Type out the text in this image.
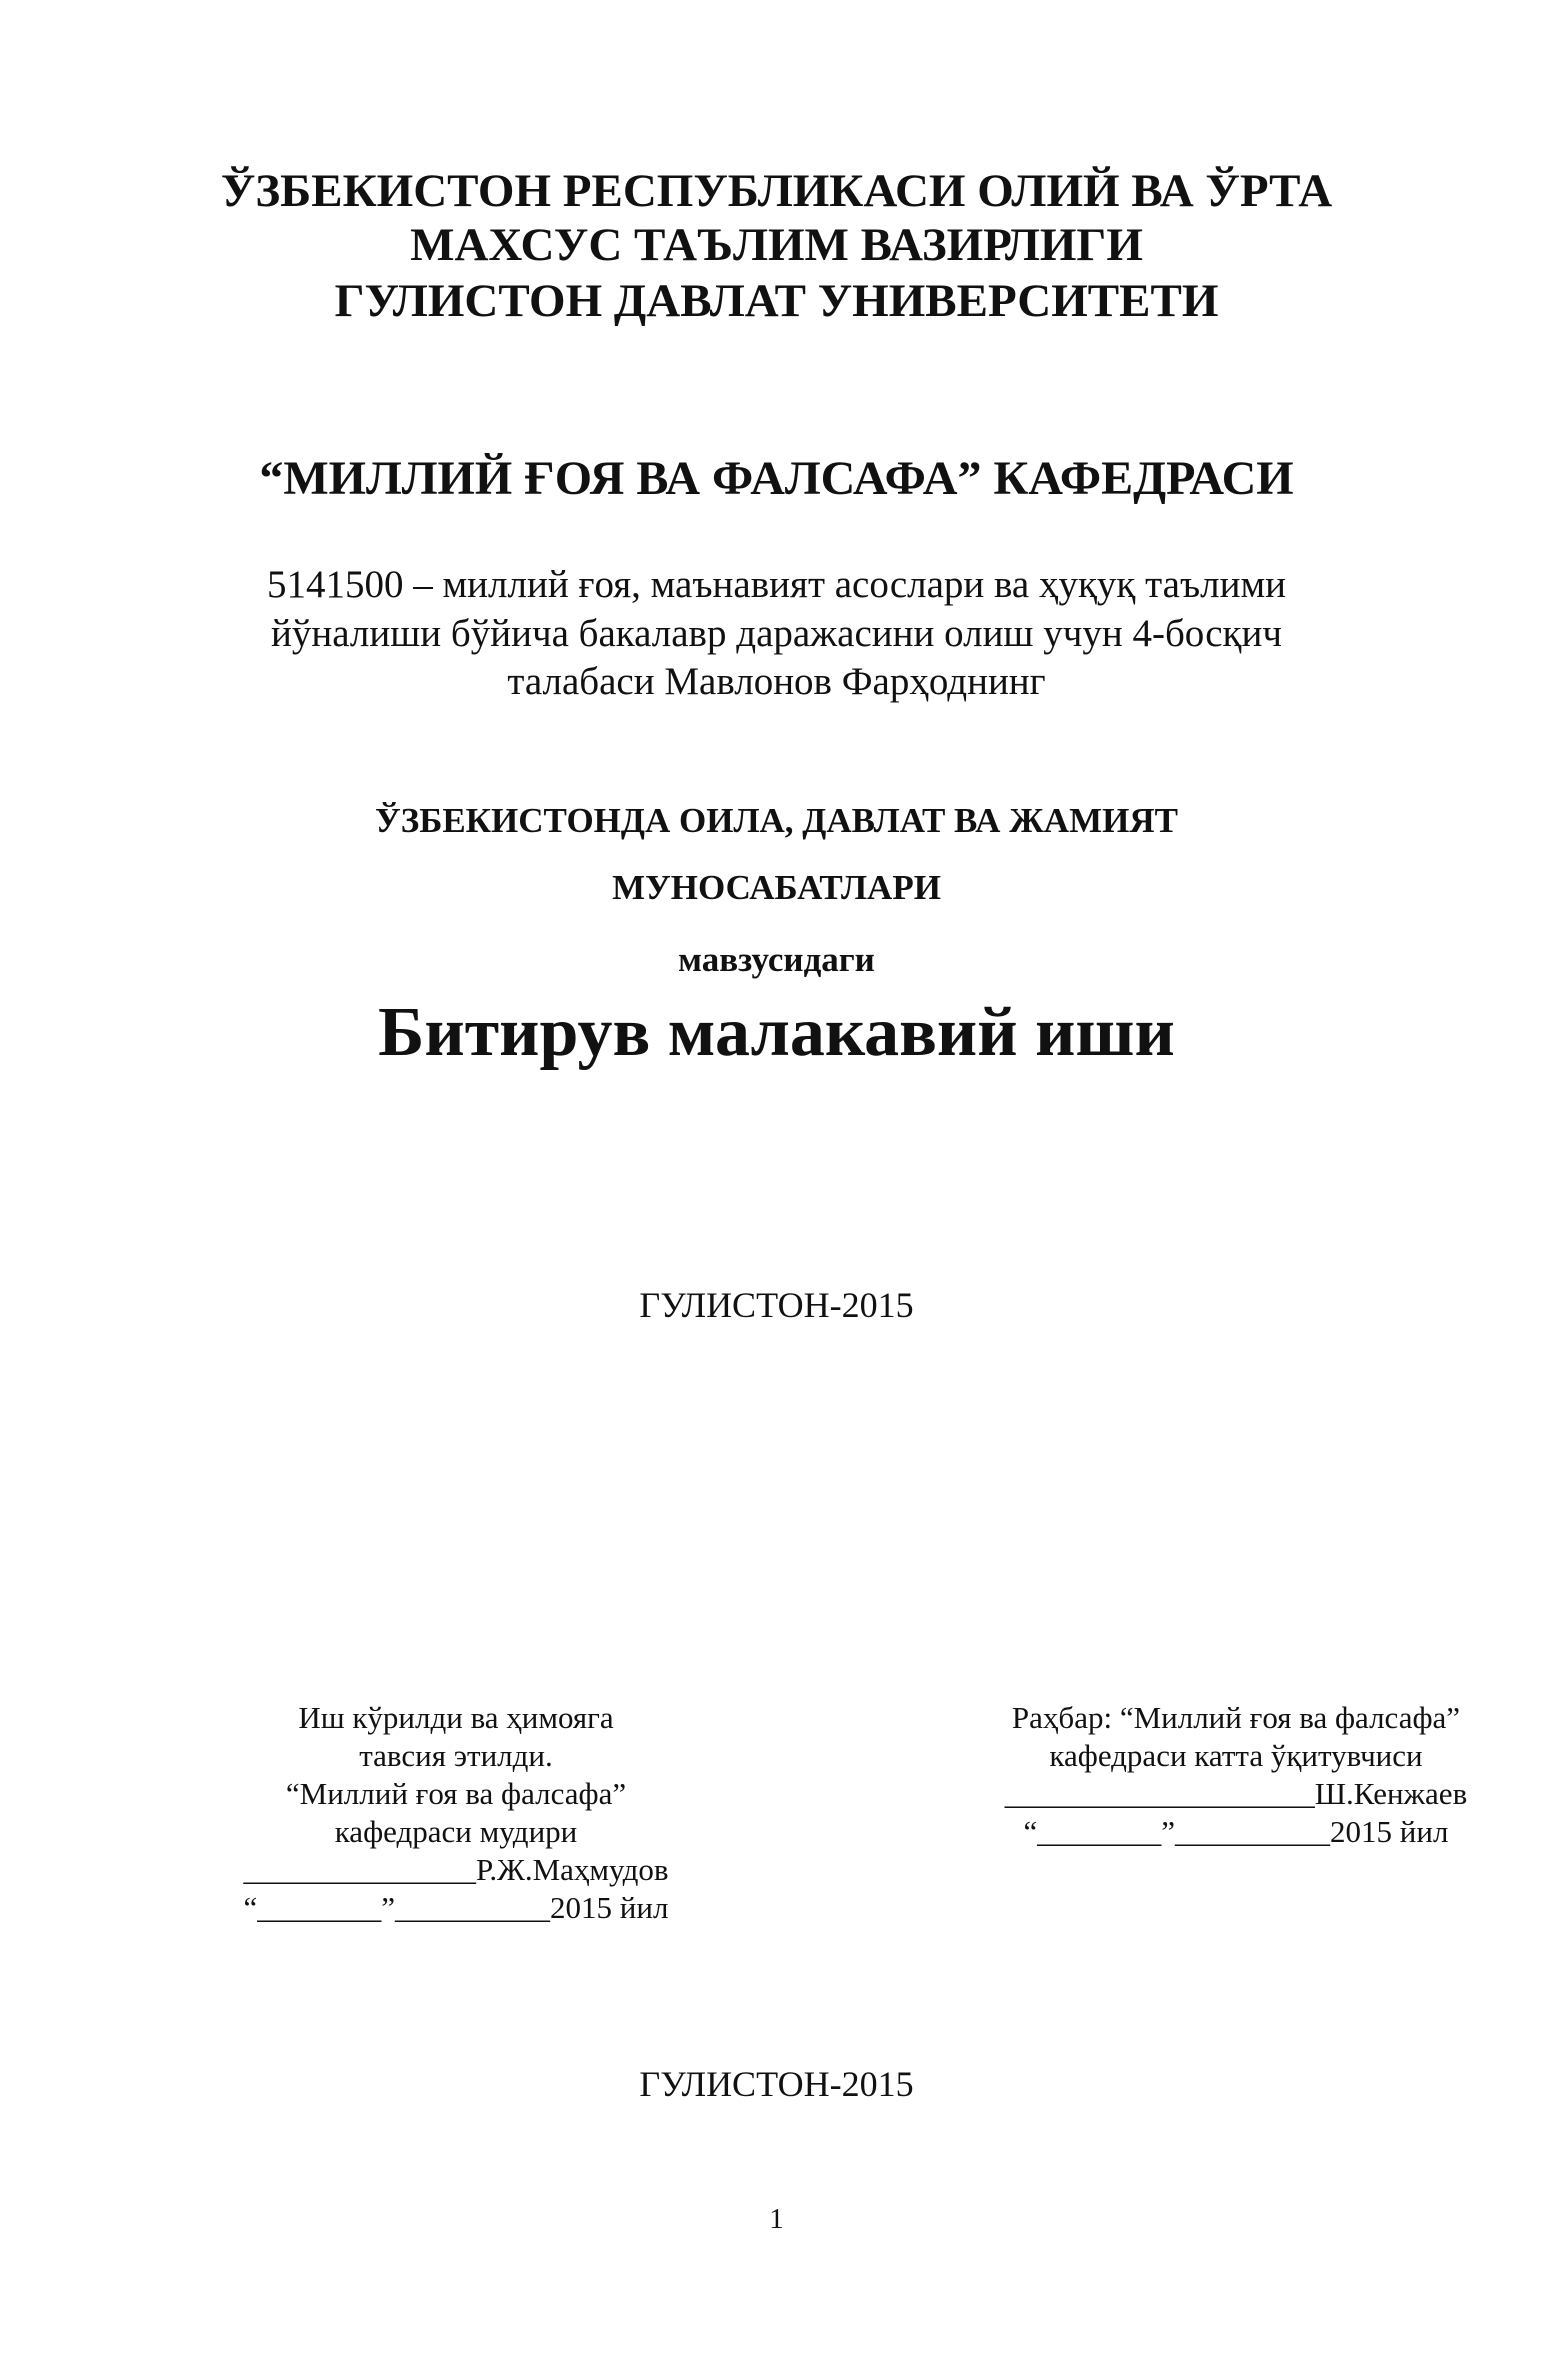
ЎЗБЕКИСТОН РЕСПУБЛИКАСИ ОЛИЙ ВА ЎРТА
МАХСУС ТАЪЛИМ ВАЗИРЛИГИ
ГУЛИСТОН ДАВЛАТ УНИВЕРСИТЕТИ
“МИЛЛИЙ ҒОЯ ВА ФАЛСАФА” КАФЕДРАСИ
5141500 – миллий ғоя, маънавият асослари ва ҳуқуқ таълими
йўналиши бўйича бакалавр даражасини олиш учун 4-босқич
талабаси Мавлонов Фарҳоднинг
ЎЗБЕКИСТОНДА ОИЛА, ДАВЛАТ ВА ЖАМИЯТ
МУНОСАБАТЛАРИ
мавзусидаги
Битирув малакавий иши
ГУЛИСТОН-2015
Иш кўрилди ва ҳимояга
тавсия этилди.
“Миллий ғоя ва фалсафа”
кафедраси мудири
_______________Р.Ж.Маҳмудов
“________”__________2015 йил
Раҳбар: “Миллий ғоя ва фалсафа”
кафедраси катта ўқитувчиси
____________________Ш.Кенжаев
“________”__________2015 йил
ГУЛИСТОН-2015
1
